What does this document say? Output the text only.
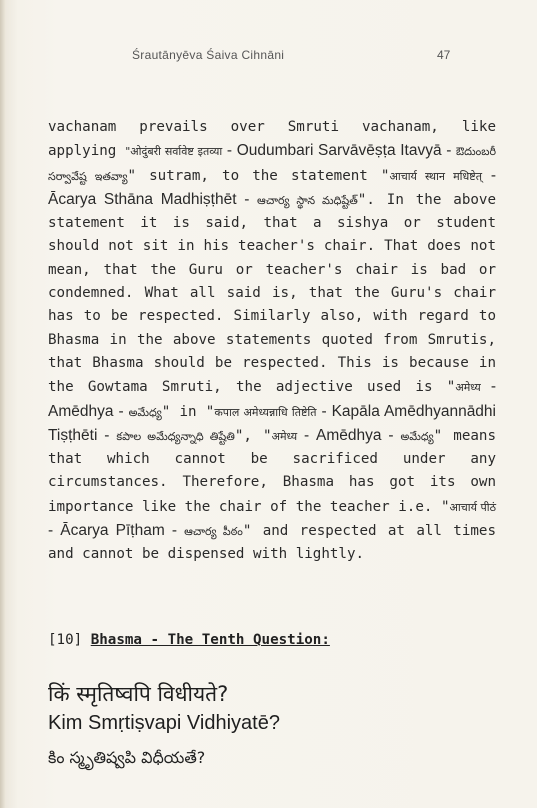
Śrautānyēva Śaiva Cihnāni	47

vachanam prevails over Smruti vachanam, like applying "ओदुंबरी सर्वावेष्ट इतव्या - Oudumbari Sarvāvēṣṭa Itavyā - ఔదుంబరీ సర్వావేష్ట ఇతవ్యా" sutram, to the statement "आचार्य स्थान मधिष्टेत् - Ācarya Sthāna Madhiṣṭhēt - ఆచార్య స్థాన మధిష్టేత్". In the above statement it is said, that a sishya or student should not sit in his teacher's chair. That does not mean, that the Guru or teacher's chair is bad or condemned. What all said is, that the Guru's chair has to be respected. Similarly also, with regard to Bhasma in the above statements quoted from Smrutis, that Bhasma should be respected. This is because in the Gowtama Smruti, the adjective used is "अमेध्य - Amēdhya - అమేధ్య" in "कपाल अमेध्यन्नाधि तिष्टेति - Kapāla Amēdhyannādhi Tiṣṭhēti - కపాల అమేధ్యన్నాధి తిష్టేతి", "अमेध्य - Amēdhya - అమేధ్య" means that which cannot be sacrificed under any circumstances. Therefore, Bhasma has got its own importance like the chair of the teacher i.e. "आचार्य पीठं - Ācarya Pīṭham - ఆచార్య పీఠం" and respected at all times and cannot be dispensed with lightly.

[10] Bhasma - The Tenth Question:
किं स्मृतिष्वपि विधीयते?
Kim Smṛtiṣvapi Vidhiyatē?
కిం స్మృతిష్వపి విధీయతే?
